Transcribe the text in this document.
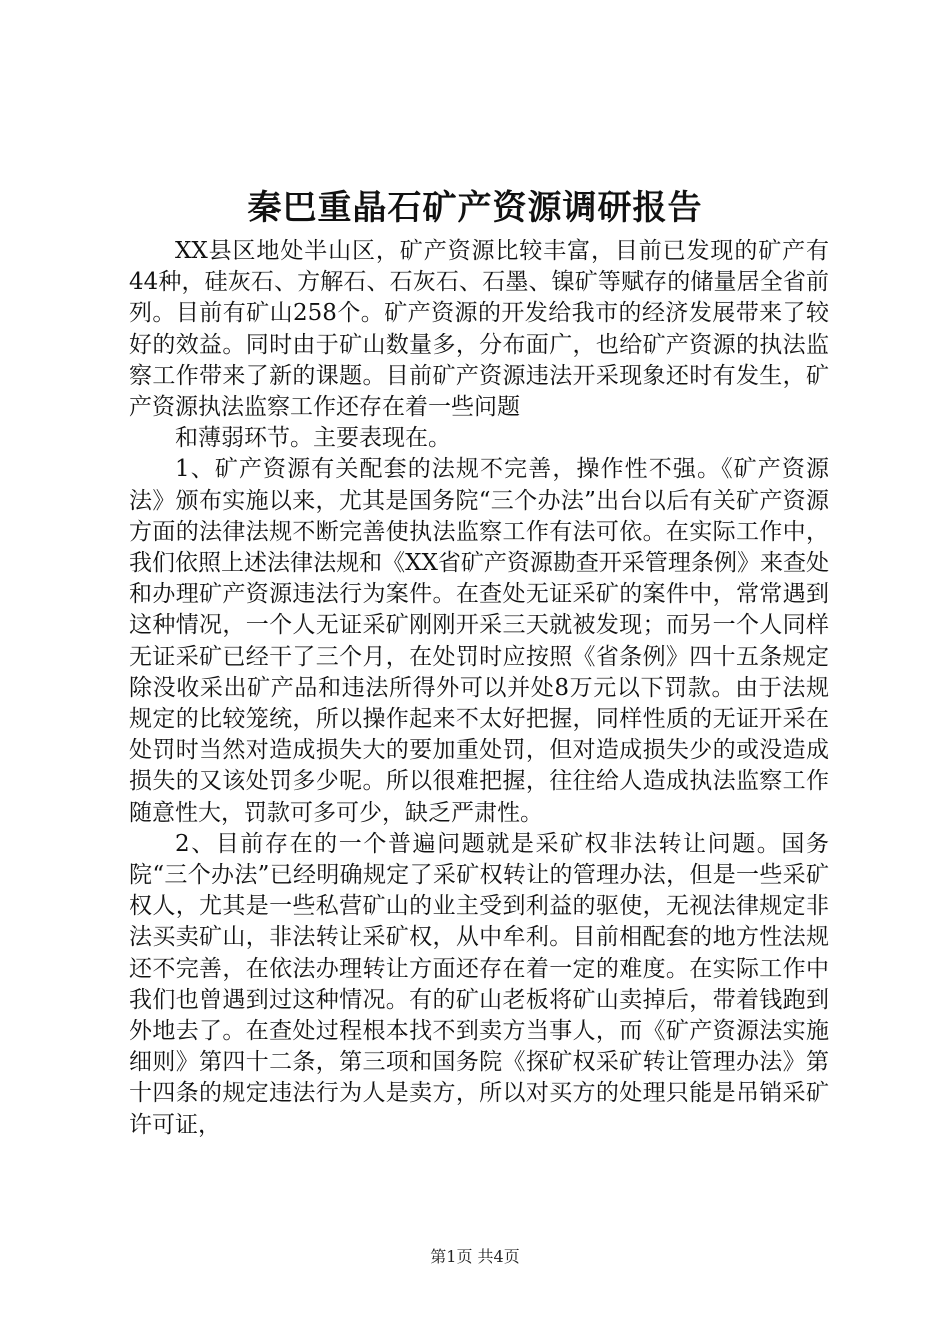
秦巴重晶石矿产资源调研报告

XX县区地处半山区，矿产资源比较丰富，目前已发现的矿产有44种，硅灰石、方解石、石灰石、石墨、镍矿等赋存的储量居全省前列。目前有矿山258个。矿产资源的开发给我市的经济发展带来了较好的效益。同时由于矿山数量多，分布面广，也给矿产资源的执法监察工作带来了新的课题。目前矿产资源违法开采现象还时有发生，矿产资源执法监察工作还存在着一些问题

和薄弱环节。主要表现在。

1、矿产资源有关配套的法规不完善，操作性不强。《矿产资源法》颁布实施以来，尤其是国务院“三个办法”出台以后有关矿产资源方面的法律法规不断完善使执法监察工作有法可依。在实际工作中，我们依照上述法律法规和《XX省矿产资源勘查开采管理条例》来查处和办理矿产资源违法行为案件。在查处无证采矿的案件中，常常遇到这种情况，一个人无证采矿刚刚开采三天就被发现；而另一个人同样无证采矿已经干了三个月，在处罚时应按照《省条例》四十五条规定除没收采出矿产品和违法所得外可以并处8万元以下罚款。由于法规规定的比较笼统，所以操作起来不太好把握，同样性质的无证开采在处罚时当然对造成损失大的要加重处罚，但对造成损失少的或没造成损失的又该处罚多少呢。所以很难把握，往往给人造成执法监察工作随意性大，罚款可多可少，缺乏严肃性。

2、目前存在的一个普遍问题就是采矿权非法转让问题。国务院“三个办法”已经明确规定了采矿权转让的管理办法，但是一些采矿权人，尤其是一些私营矿山的业主受到利益的驱使，无视法律规定非法买卖矿山，非法转让采矿权，从中牟利。目前相配套的地方性法规还不完善，在依法办理转让方面还存在着一定的难度。在实际工作中我们也曾遇到过这种情况。有的矿山老板将矿山卖掉后，带着钱跑到外地去了。在查处过程根本找不到卖方当事人，而《矿产资源法实施细则》第四十二条，第三项和国务院《探矿权采矿转让管理办法》第十四条的规定违法行为人是卖方，所以对买方的处理只能是吊销采矿许可证，

第1页 共4页
